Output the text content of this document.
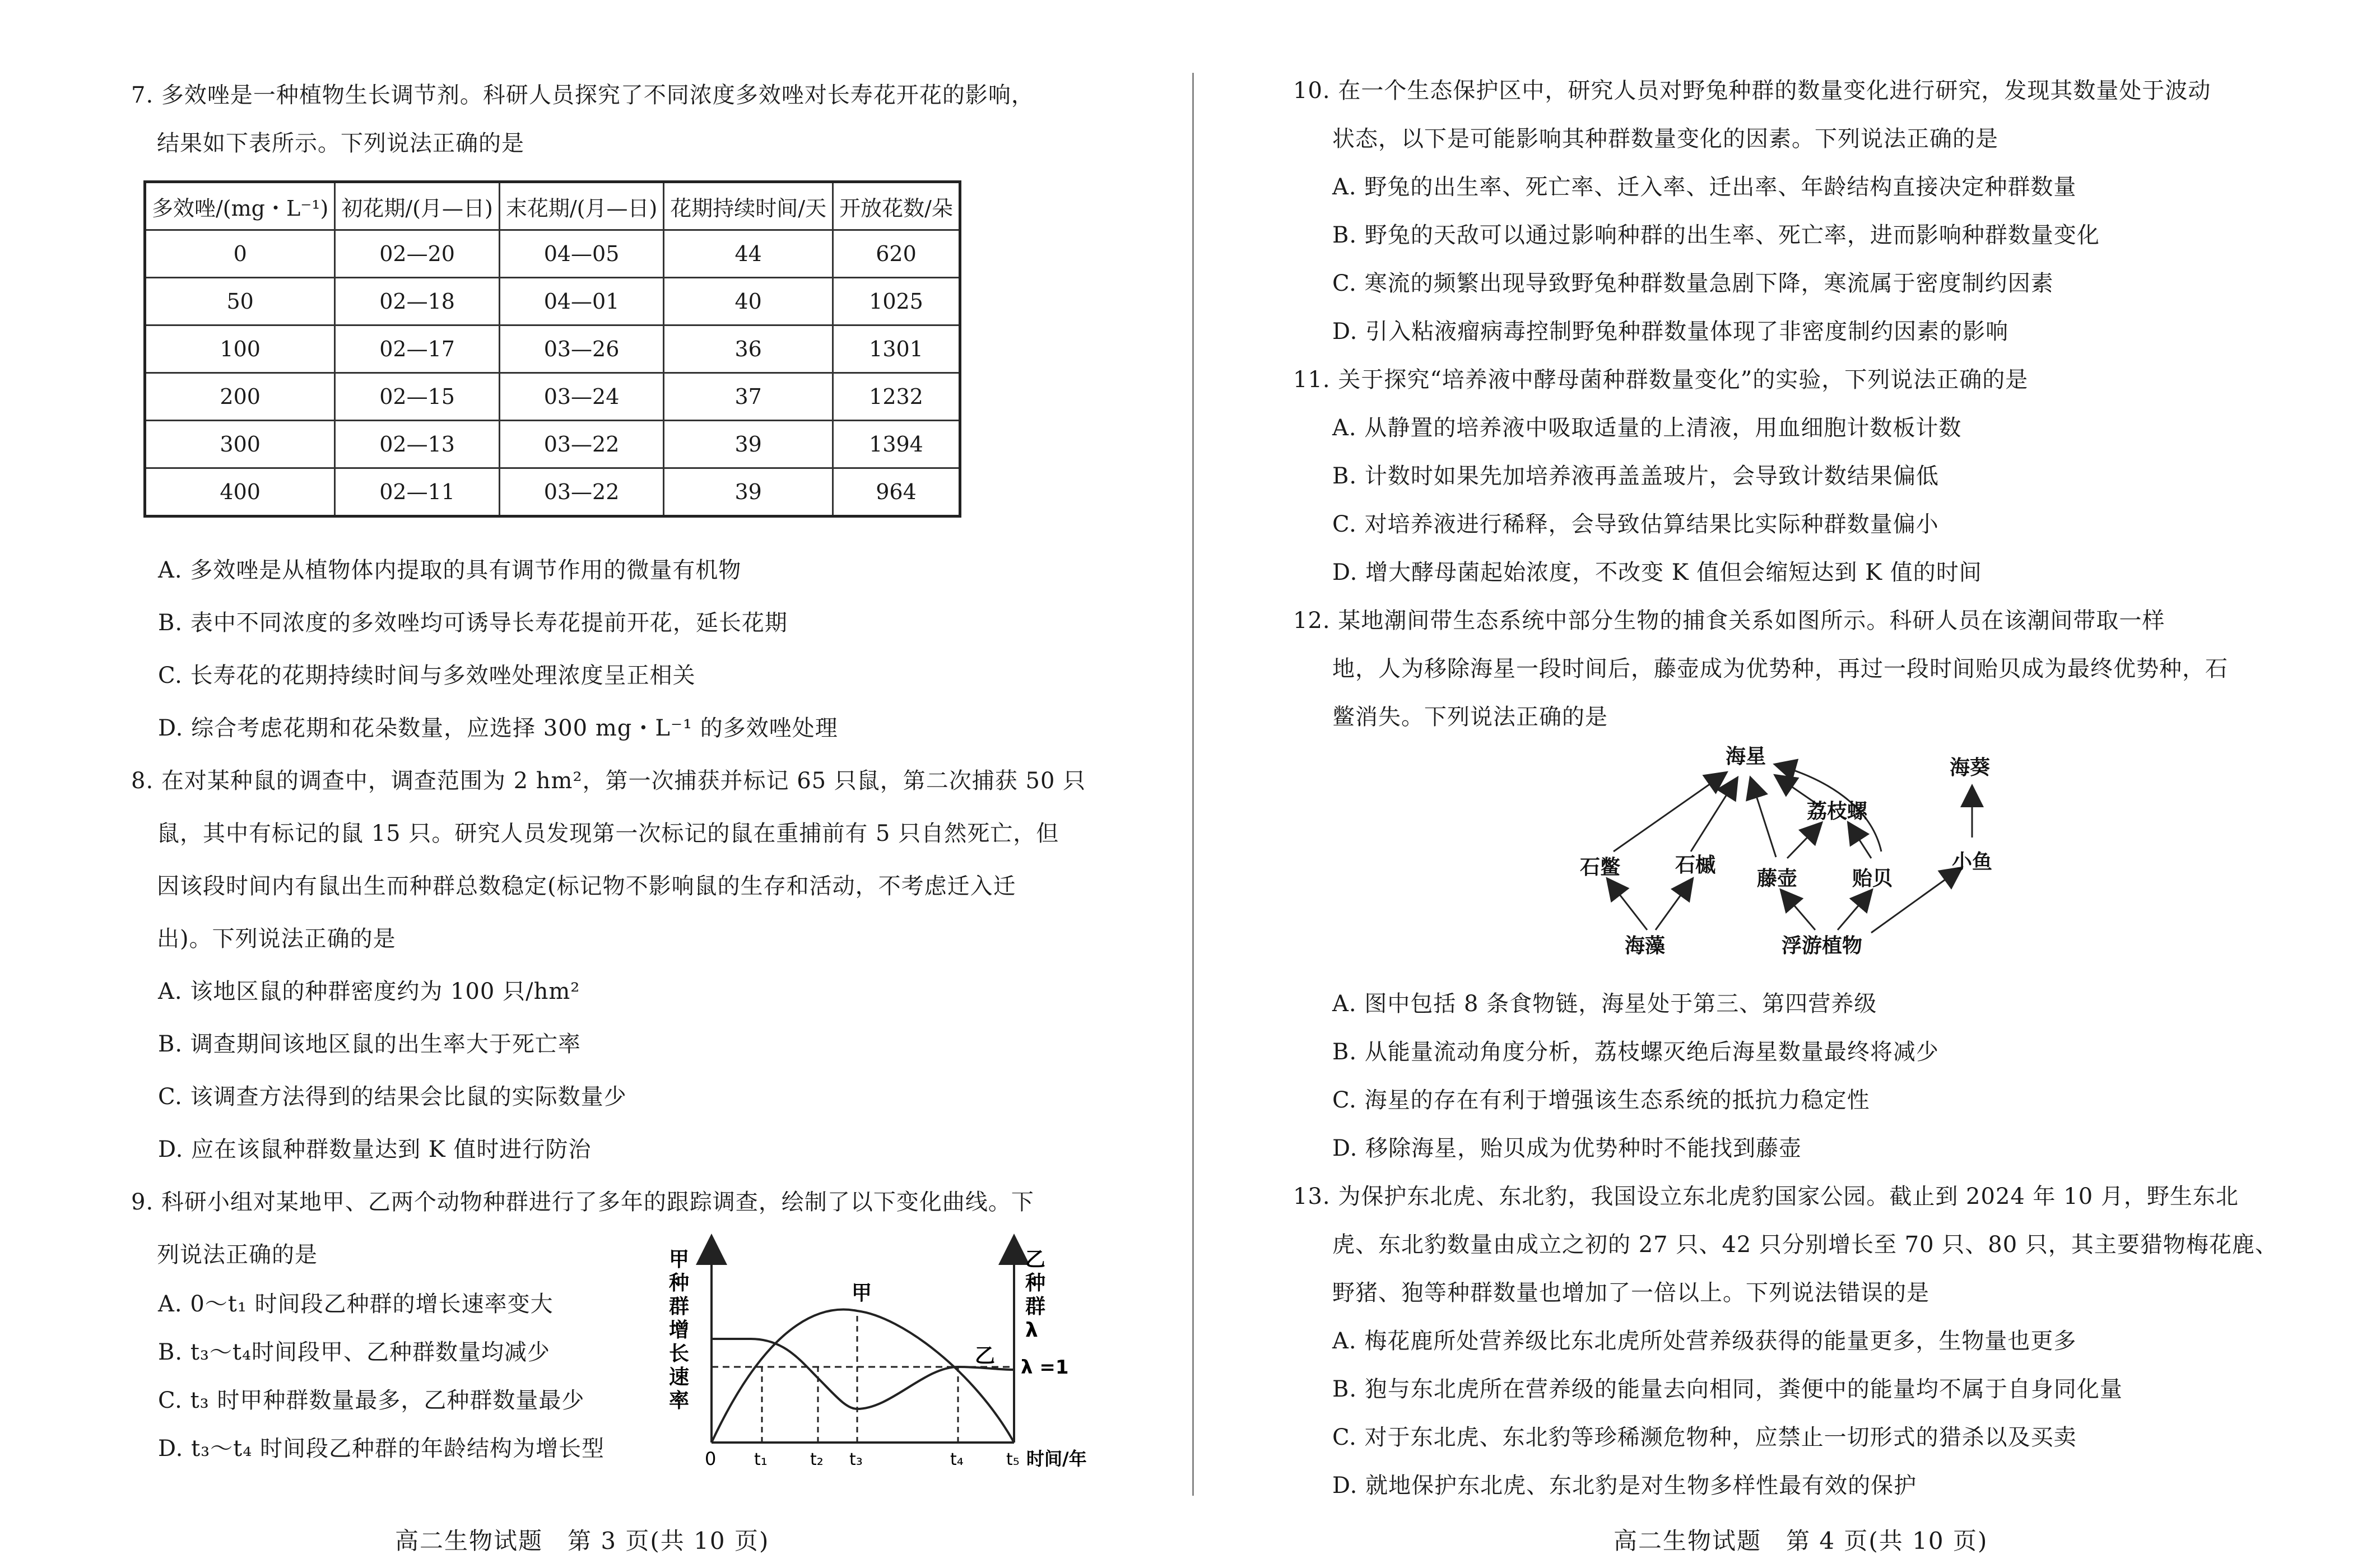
7. 多效唑是一种植物生长调节剂。科研人员探究了不同浓度多效唑对长寿花开花的影响，
结果如下表所示。下列说法正确的是
多效唑/(mg・L⁻¹)	初花期/(月—日)	末花期/(月—日)	花期持续时间/天	开放花数/朵
0	02—20	04—05	44	620
50	02—18	04—01	40	1025
100	02—17	03—26	36	1301
200	02—15	03—24	37	1232
300	02—13	03—22	39	1394
400	02—11	03—22	39	964
A. 多效唑是从植物体内提取的具有调节作用的微量有机物
B. 表中不同浓度的多效唑均可诱导长寿花提前开花，延长花期
C. 长寿花的花期持续时间与多效唑处理浓度呈正相关
D. 综合考虑花期和花朵数量，应选择 300 mg・L⁻¹ 的多效唑处理
8. 在对某种鼠的调查中，调查范围为 2 hm²，第一次捕获并标记 65 只鼠，第二次捕获 50 只
鼠，其中有标记的鼠 15 只。研究人员发现第一次标记的鼠在重捕前有 5 只自然死亡，但
因该段时间内有鼠出生而种群总数稳定(标记物不影响鼠的生存和活动，不考虑迁入迁
出)。下列说法正确的是
A. 该地区鼠的种群密度约为 100 只/hm²
B. 调查期间该地区鼠的出生率大于死亡率
C. 该调查方法得到的结果会比鼠的实际数量少
D. 应在该鼠种群数量达到 K 值时进行防治
9. 科研小组对某地甲、乙两个动物种群进行了多年的跟踪调查，绘制了以下变化曲线。下
列说法正确的是
A. 0～t₁ 时间段乙种群的增长速率变大
B. t₃～t₄时间段甲、乙种群数量均减少
C. t₃ 时甲种群数量最多，乙种群数量最少
D. t₃～t₄ 时间段乙种群的年龄结构为增长型
甲种群增长速率
乙种群 λ
甲
乙 λ =1
0 t₁	t₂ t₃	t₄	t₅ 时间/年
高二生物试题　第 3 页(共 10 页)
10. 在一个生态保护区中，研究人员对野兔种群的数量变化进行研究，发现其数量处于波动
状态，以下是可能影响其种群数量变化的因素。下列说法正确的是
A. 野兔的出生率、死亡率、迁入率、迁出率、年龄结构直接决定种群数量
B. 野兔的天敌可以通过影响种群的出生率、死亡率，进而影响种群数量变化
C. 寒流的频繁出现导致野兔种群数量急剧下降，寒流属于密度制约因素
D. 引入粘液瘤病毒控制野兔种群数量体现了非密度制约因素的影响
11. 关于探究“培养液中酵母菌种群数量变化”的实验，下列说法正确的是
A. 从静置的培养液中吸取适量的上清液，用血细胞计数板计数
B. 计数时如果先加培养液再盖盖玻片，会导致计数结果偏低
C. 对培养液进行稀释，会导致估算结果比实际种群数量偏小
D. 增大酵母菌起始浓度，不改变 K 值但会缩短达到 K 值的时间
12. 某地潮间带生态系统中部分生物的捕食关系如图所示。科研人员在该潮间带取一样
地，人为移除海星一段时间后，藤壶成为优势种，再过一段时间贻贝成为最终优势种，石
鳖消失。下列说法正确的是
海星	海葵
荔枝螺
石鳖	石槭
藤壶	贻贝
小鱼
海藻	浮游植物
A. 图中包括 8 条食物链，海星处于第三、第四营养级
B. 从能量流动角度分析，荔枝螺灭绝后海星数量最终将减少
C. 海星的存在有利于增强该生态系统的抵抗力稳定性
D. 移除海星，贻贝成为优势种时不能找到藤壶
13. 为保护东北虎、东北豹，我国设立东北虎豹国家公园。截止到 2024 年 10 月，野生东北
虎、东北豹数量由成立之初的 27 只、42 只分别增长至 70 只、80 只，其主要猎物梅花鹿、
野猪、狍等种群数量也增加了一倍以上。下列说法错误的是
A. 梅花鹿所处营养级比东北虎所处营养级获得的能量更多，生物量也更多
B. 狍与东北虎所在营养级的能量去向相同，粪便中的能量均不属于自身同化量
C. 对于东北虎、东北豹等珍稀濒危物种，应禁止一切形式的猎杀以及买卖
D. 就地保护东北虎、东北豹是对生物多样性最有效的保护
高二生物试题　第 4 页(共 10 页)
